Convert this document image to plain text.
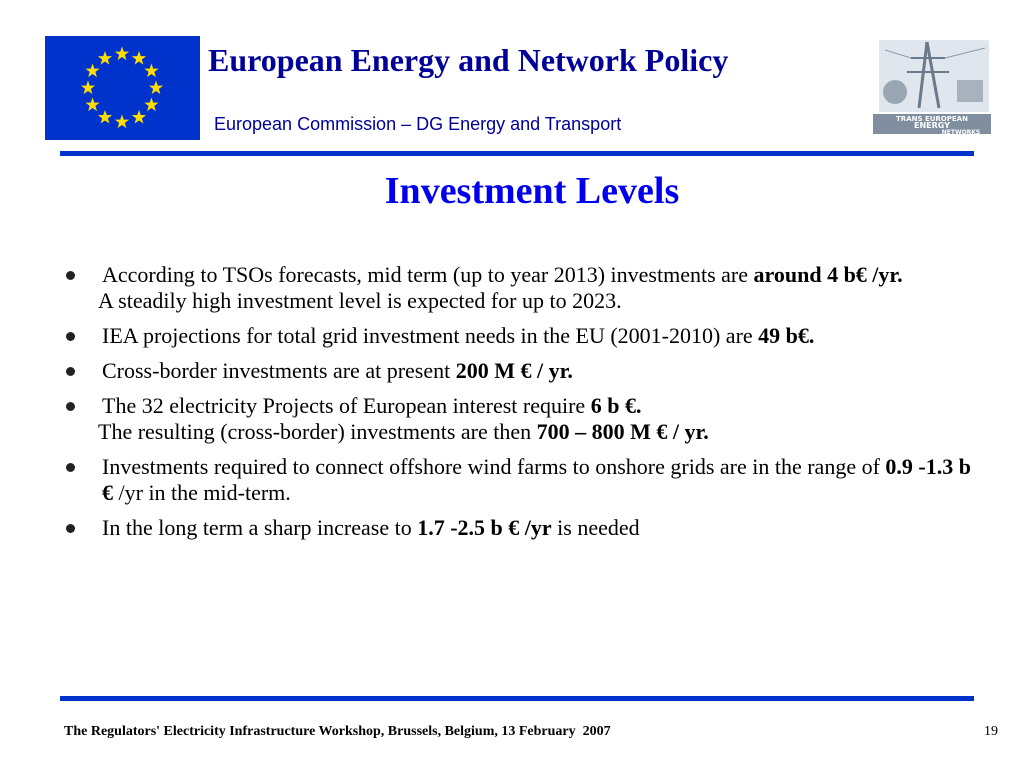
European Energy and Network Policy
European Commission – DG Energy and Transport	TRANS EUROPEAN
ENERGY
NETWORKS
Investment Levels
According to TSOs forecasts, mid term (up to year 2013) investments are around 4 b€ /yr.
A steadily high investment level is expected for up to 2023.
IEA projections for total grid investment needs in the EU (2001-2010) are 49 b€.
Cross-border investments are at present 200 M € / yr.
The 32 electricity Projects of European interest require 6 b €.
The resulting (cross-border) investments are then 700 – 800 M € / yr.
Investments required to connect offshore wind farms to onshore grids are in the range of 0.9 -1.3 b € /yr in the mid-term.
In the long term a sharp increase to 1.7 -2.5 b € /yr is needed
The Regulators' Electricity Infrastructure Workshop, Brussels, Belgium, 13 February  2007	19
